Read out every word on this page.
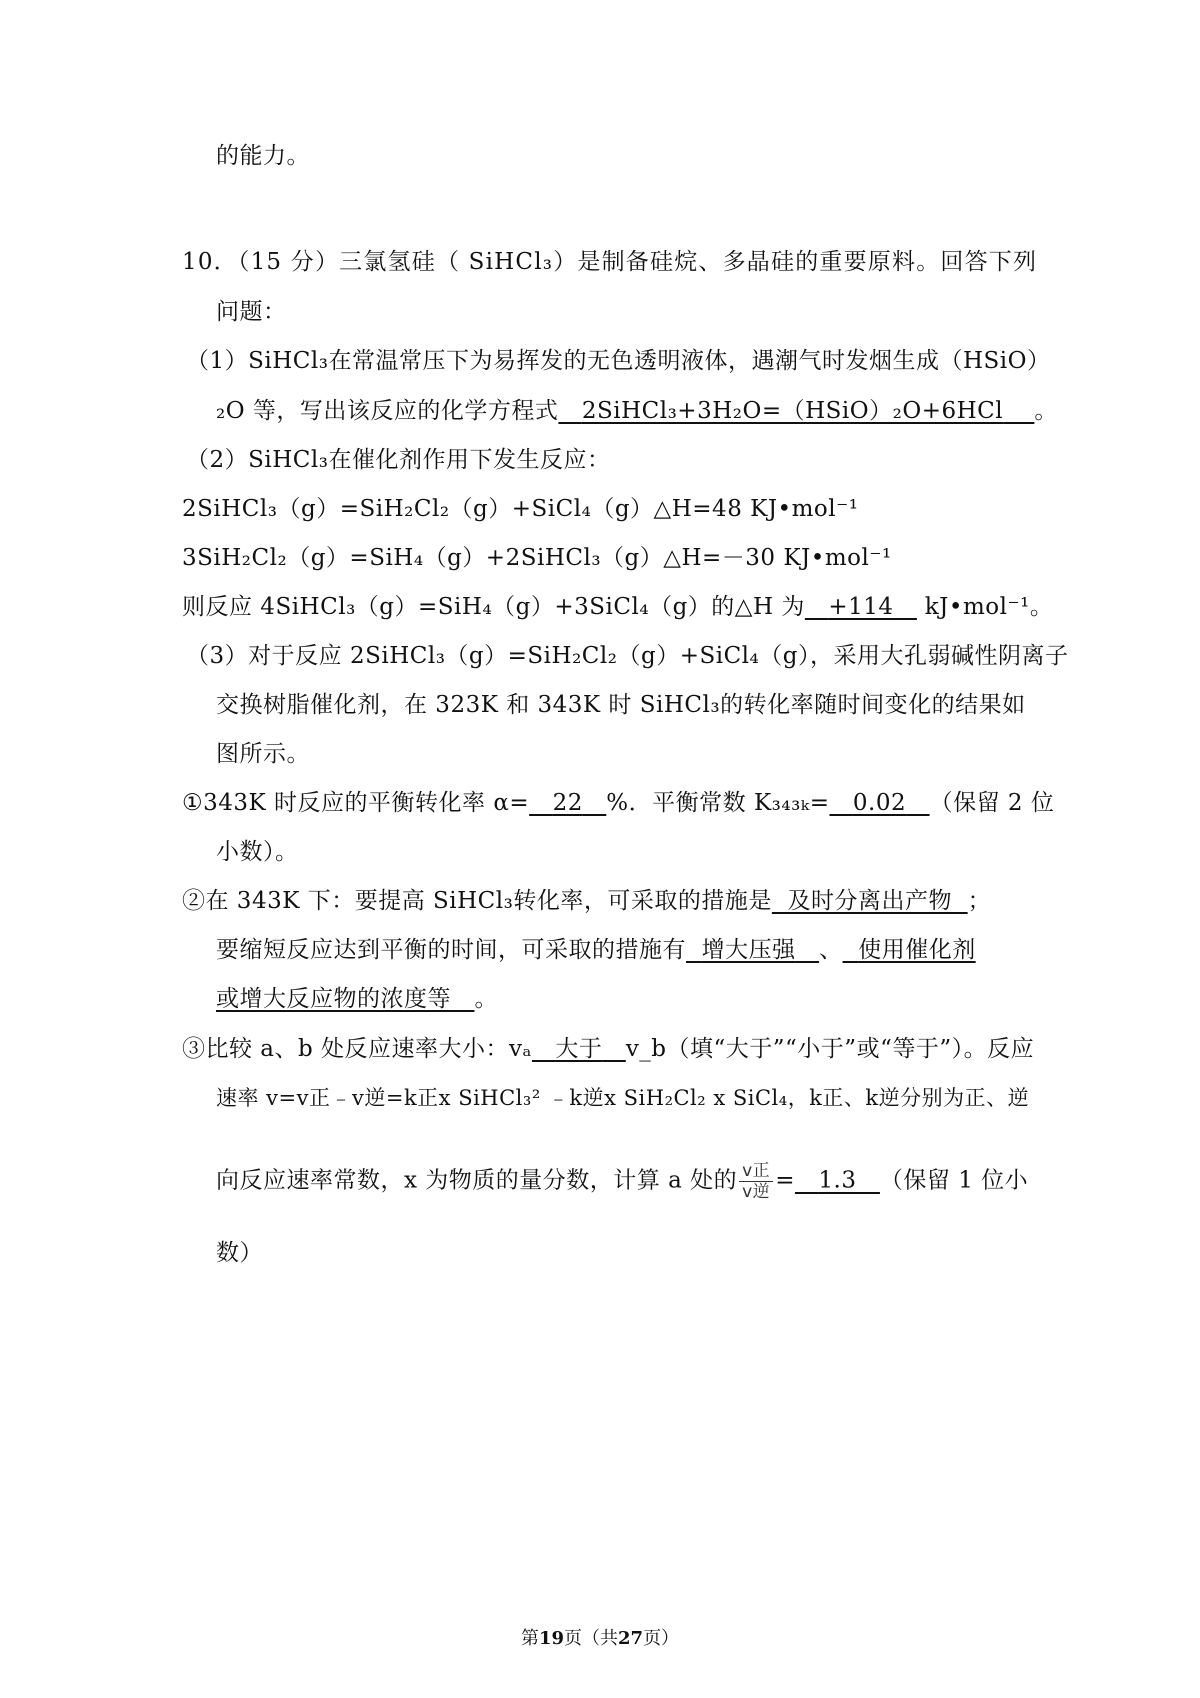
的能力。
10．（15 分）三氯氢硅（ SiHCl₃）是制备硅烷、多晶硅的重要原料。回答下列
问题：
（1）SiHCl₃在常温常压下为易挥发的无色透明液体，遇潮气时发烟生成（HSiO）
₂O 等，写出该反应的化学方程式 2SiHCl₃+3H₂O=（HSiO）₂O+6HCl 。
（2）SiHCl₃在催化剂作用下发生反应：
2SiHCl₃（g）=SiH₂Cl₂（g）+SiCl₄（g）△H=48 KJ•mol⁻¹
3SiH₂Cl₂（g）=SiH₄（g）+2SiHCl₃（g）△H=－30 KJ•mol⁻¹
则反应 4SiHCl₃（g）=SiH₄（g）+3SiCl₄（g）的△H 为 +114 kJ•mol⁻¹。
（3）对于反应 2SiHCl₃（g）=SiH₂Cl₂（g）+SiCl₄（g），采用大孔弱碱性阴离子
交换树脂催化剂，在 323K 和 343K 时 SiHCl₃的转化率随时间变化的结果如
图所示。
①343K 时反应的平衡转化率 α= 22 %．平衡常数 K₃₄₃ₖ= 0.02 （保留 2 位
小数）。
②在 343K 下：要提高 SiHCl₃转化率，可采取的措施是 及时分离出产物 ；
要缩短反应达到平衡的时间，可采取的措施有 增大压强 、 使用催化剂
或增大反应物的浓度等 。
③比较 a、b 处反应速率大小：vₐ 大于 v_b（填“大于”“小于”或“等于”）。反应
速率 v=v正﹣v逆=k正x SiHCl₃² ﹣k逆x SiH₂Cl₂ x SiCl₄，k正、k逆分别为正、逆
向反应速率常数，x 为物质的量分数，计算 a 处的 $\frac{\text{v正}}{\text{v逆}} = 1.3$ （保留 1 位小
数）
第19页（共27页）
